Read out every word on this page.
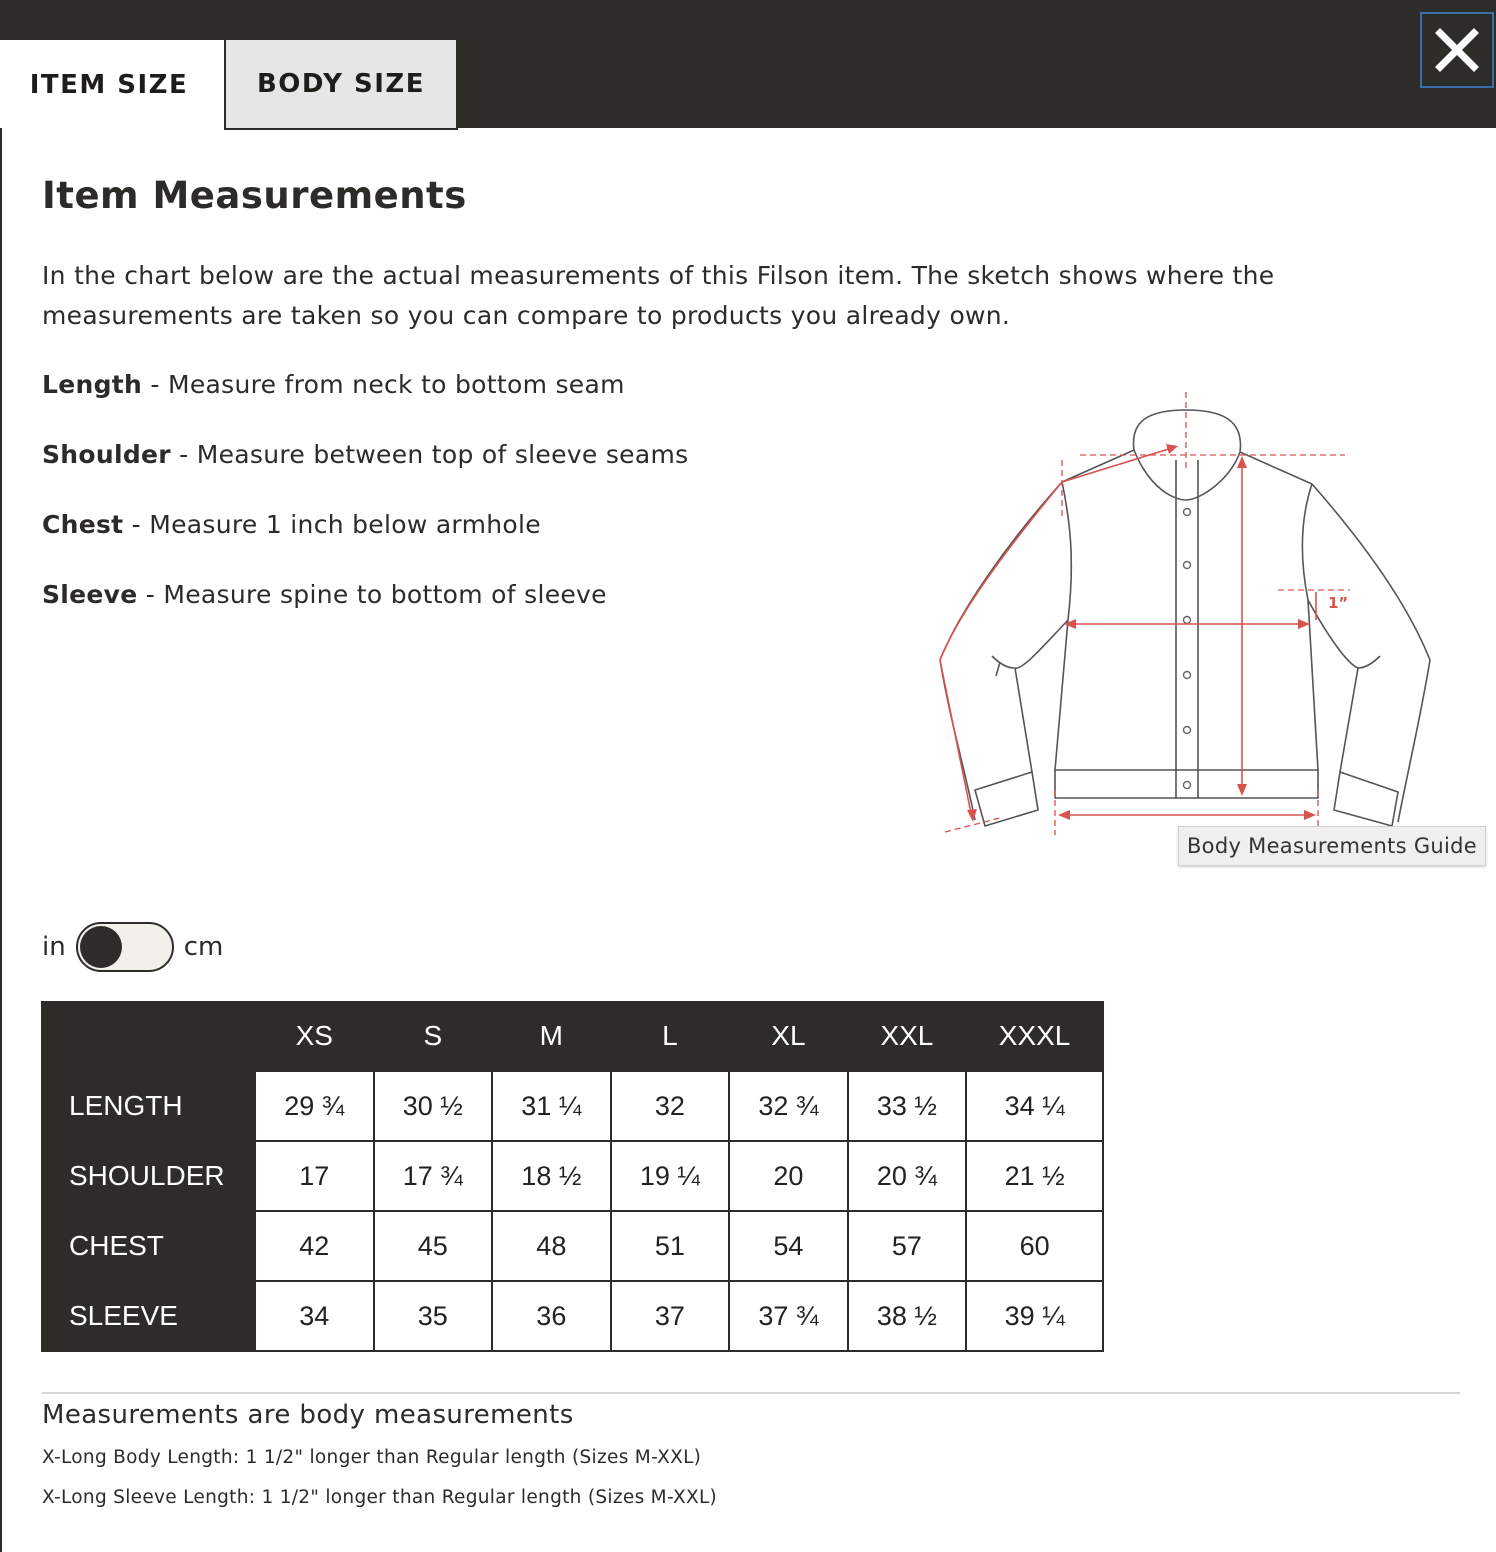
ITEM SIZE	BODY SIZE
Item Measurements

In the chart below are the actual measurements of this Filson item. The sketch shows where the measurements are taken so you can compare to products you already own.

Length - Measure from neck to bottom seam
Shoulder - Measure between top of sleeve seams
Chest - Measure 1 inch below armhole
Sleeve - Measure spine to bottom of sleeve	1”
Body Measurements Guide
in	cm
	XS	S	M	L	XL	XXL	XXXL
LENGTH	29 ¾	30 ½	31 ¼	32	32 ¾	33 ½	34 ¼
SHOULDER	17	17 ¾	18 ½	19 ¼	20	20 ¾	21 ½
CHEST	42	45	48	51	54	57	60
SLEEVE	34	35	36	37	37 ¾	38 ½	39 ¼
Measurements are body measurements
X-Long Body Length: 1 1/2" longer than Regular length (Sizes M-XXL)
X-Long Sleeve Length: 1 1/2" longer than Regular length (Sizes M-XXL)
